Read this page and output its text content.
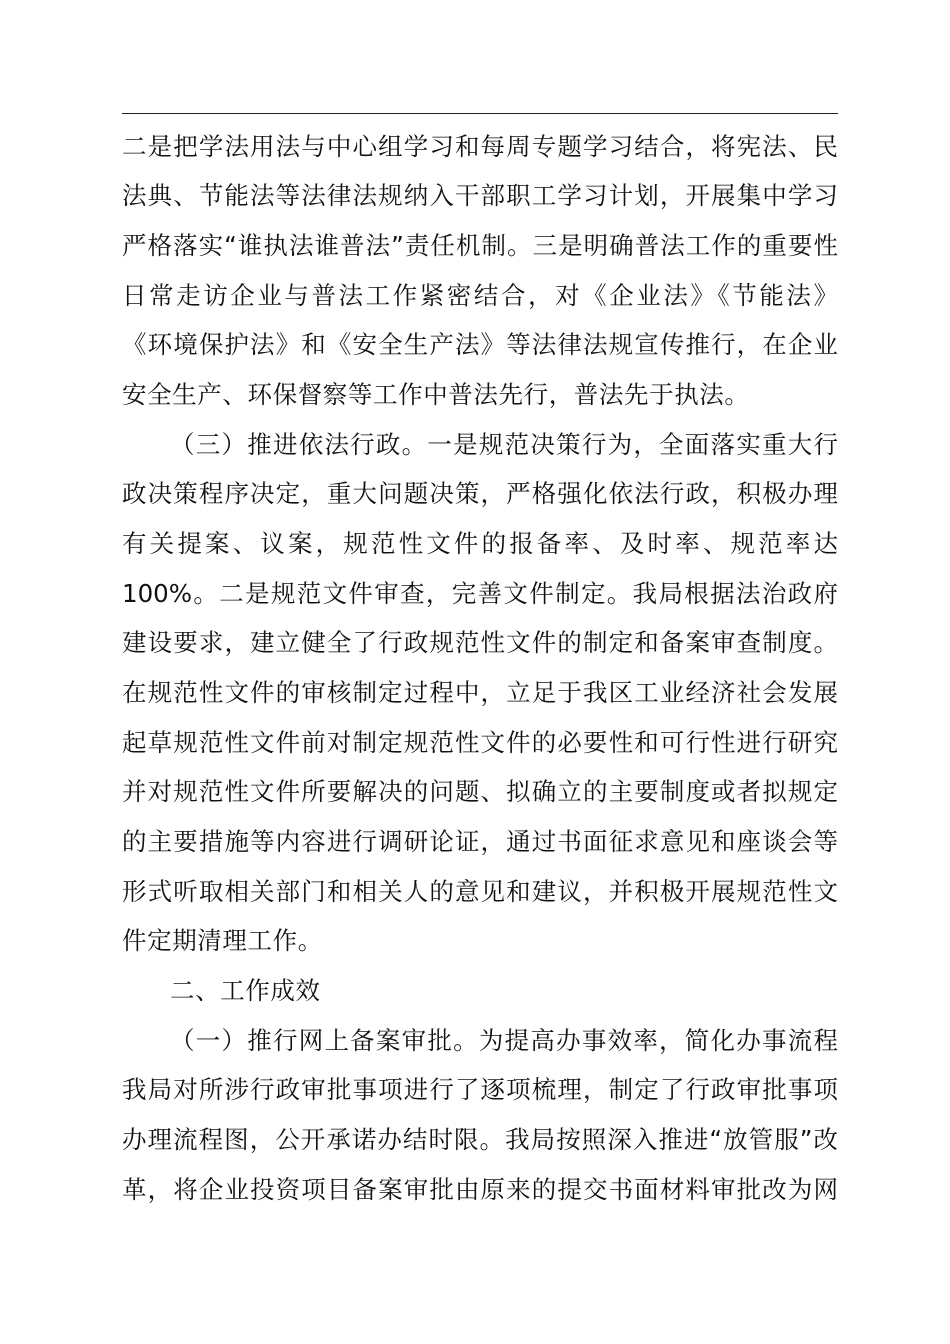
二是把学法用法与中心组学习和每周专题学习结合，将宪法、民
法典、节能法等法律法规纳入干部职工学习计划，开展集中学习
严格落实“谁执法谁普法”责任机制。三是明确普法工作的重要性
日常走访企业与普法工作紧密结合，对《企业法》《节能法》
《环境保护法》和《安全生产法》等法律法规宣传推行，在企业
安全生产、环保督察等工作中普法先行，普法先于执法。
（三）推进依法行政。一是规范决策行为，全面落实重大行
政决策程序决定，重大问题决策，严格强化依法行政，积极办理
有关提案、议案，规范性文件的报备率、及时率、规范率达
100%。二是规范文件审查，完善文件制定。我局根据法治政府
建设要求，建立健全了行政规范性文件的制定和备案审查制度。
在规范性文件的审核制定过程中，立足于我区工业经济社会发展
起草规范性文件前对制定规范性文件的必要性和可行性进行研究
并对规范性文件所要解决的问题、拟确立的主要制度或者拟规定
的主要措施等内容进行调研论证，通过书面征求意见和座谈会等
形式听取相关部门和相关人的意见和建议，并积极开展规范性文
件定期清理工作。
二、工作成效
（一）推行网上备案审批。为提高办事效率，简化办事流程
我局对所涉行政审批事项进行了逐项梳理，制定了行政审批事项
办理流程图，公开承诺办结时限。我局按照深入推进“放管服”改
革，将企业投资项目备案审批由原来的提交书面材料审批改为网
